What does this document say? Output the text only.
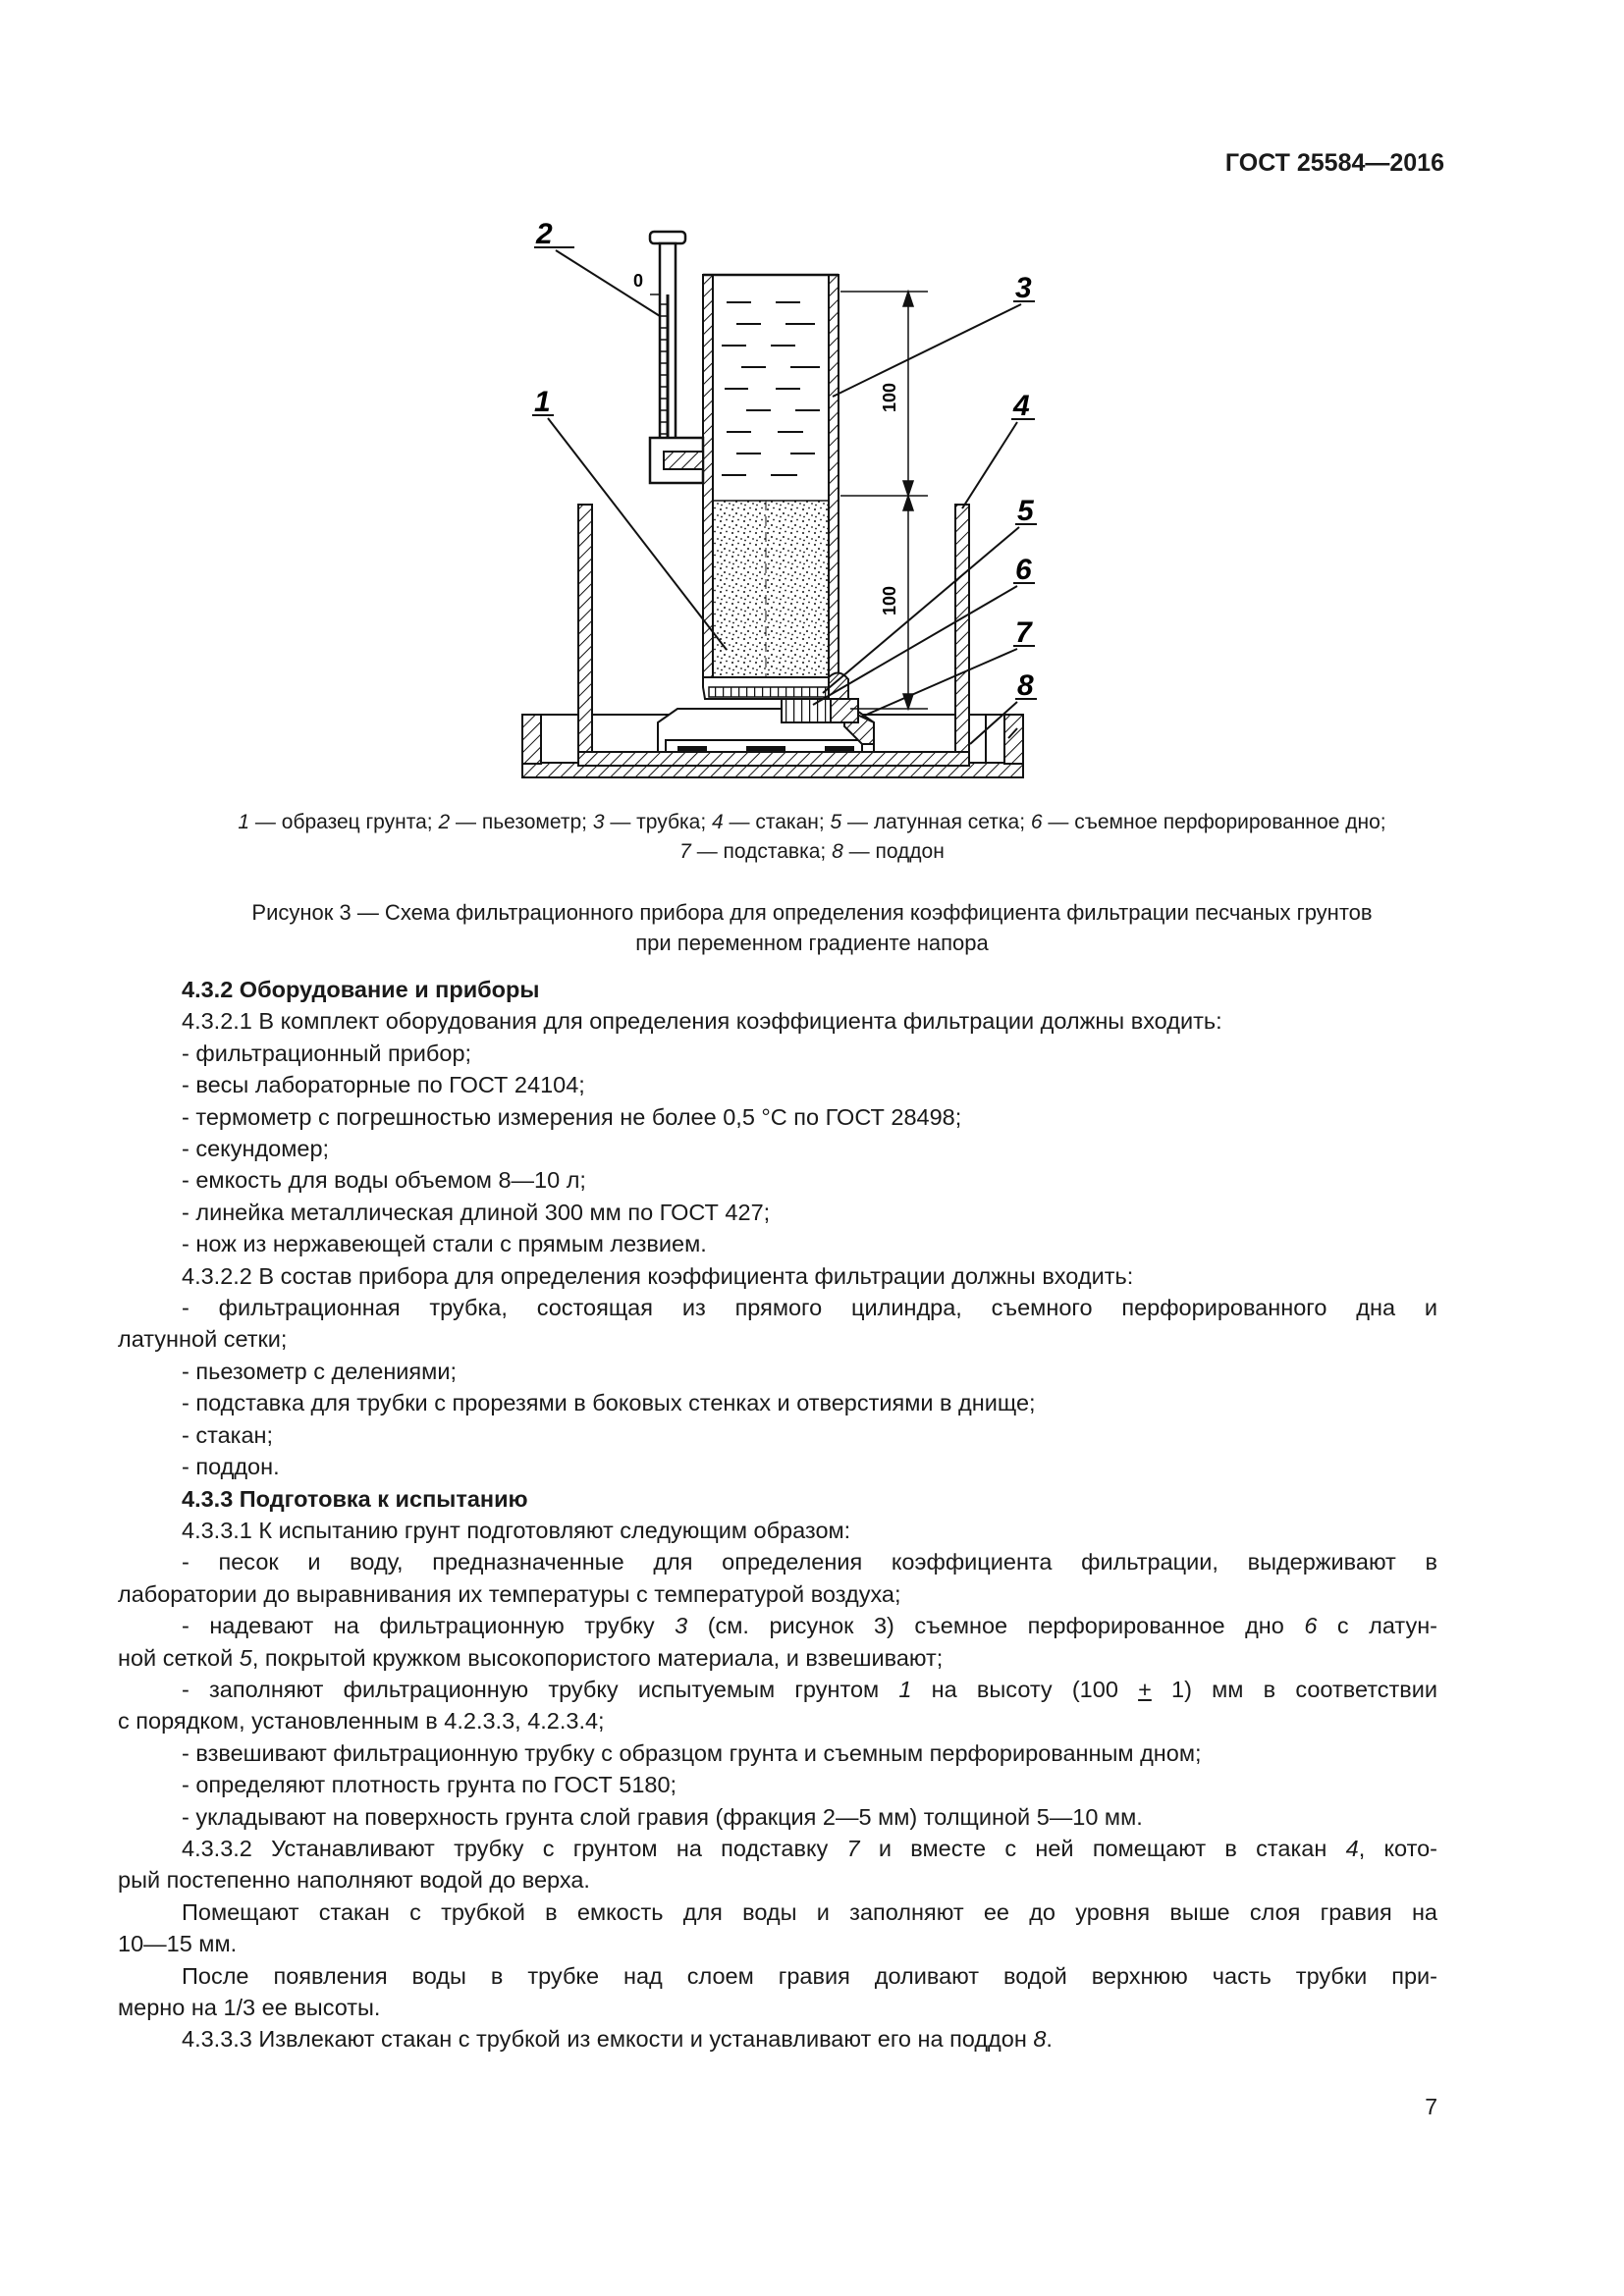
ГОСТ 25584—2016
0
100
100
2
3
1	4
5
6
7
8
1 — образец грунта; 2 — пьезометр; 3 — трубка; 4 — стакан; 5 — латунная сетка; 6 — съемное перфорированное дно;
7 — подставка; 8 — поддон
Рисунок 3 — Схема фильтрационного прибора для определения коэффициента фильтрации песчаных грунтов
при переменном градиенте напора
4.3.2 Оборудование и приборы
4.3.2.1 В комплект оборудования для определения коэффициента фильтрации должны входить:
- фильтрационный прибор;
- весы лабораторные по ГОСТ 24104;
- термометр с погрешностью измерения не более 0,5 °С по ГОСТ 28498;
- секундомер;
- емкость для воды объемом 8—10 л;
- линейка металлическая длиной 300 мм по ГОСТ 427;
- нож из нержавеющей стали с прямым лезвием.
4.3.2.2 В состав прибора для определения коэффициента фильтрации должны входить:
- фильтрационная трубка, состоящая из прямого цилиндра, съемного перфорированного дна и
латунной сетки;
- пьезометр с делениями;
- подставка для трубки с прорезями в боковых стенках и отверстиями в днище;
- стакан;
- поддон.
4.3.3 Подготовка к испытанию
4.3.3.1 К испытанию грунт подготовляют следующим образом:
- песок и воду, предназначенные для определения коэффициента фильтрации, выдерживают в
лаборатории до выравнивания их температуры с температурой воздуха;
- надевают на фильтрационную трубку 3 (см. рисунок 3) съемное перфорированное дно 6 с латун-
ной сеткой 5, покрытой кружком высокопористого материала, и взвешивают;
- заполняют фильтрационную трубку испытуемым грунтом 1 на высоту (100 + 1) мм в соответствии
с порядком, установленным в 4.2.3.3, 4.2.3.4;
- взвешивают фильтрационную трубку с образцом грунта и съемным перфорированным дном;
- определяют плотность грунта по ГОСТ 5180;
- укладывают на поверхность грунта слой гравия (фракция 2—5 мм) толщиной 5—10 мм.
4.3.3.2 Устанавливают трубку с грунтом на подставку 7 и вместе с ней помещают в стакан 4, кото-
рый постепенно наполняют водой до верха.
Помещают стакан с трубкой в емкость для воды и заполняют ее до уровня выше слоя гравия на
10—15 мм.
После появления воды в трубке над слоем гравия доливают водой верхнюю часть трубки при-
мерно на 1/3 ее высоты.
4.3.3.3 Извлекают стакан с трубкой из емкости и устанавливают его на поддон 8.
7
